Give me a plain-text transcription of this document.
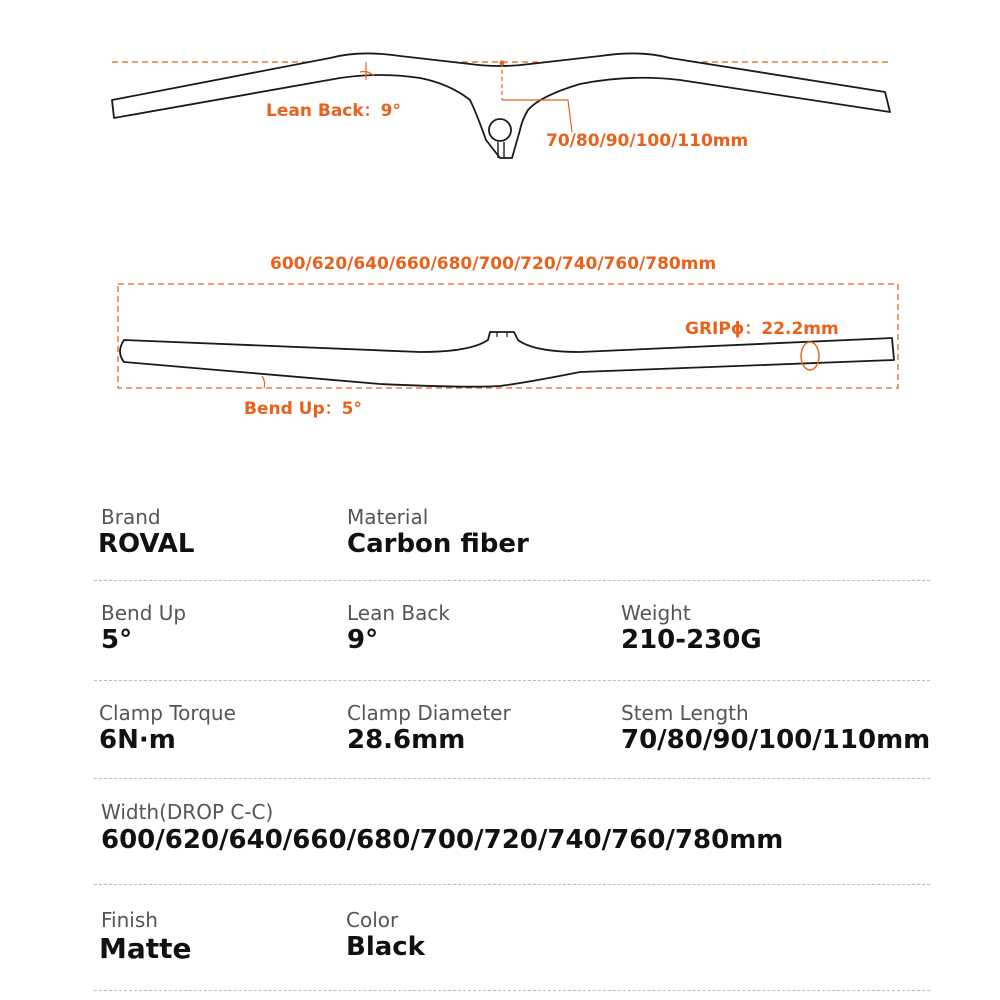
Lean Back：9°
70/80/90/100/110mm
600/620/640/660/680/700/720/740/760/780mm
GRIPϕ：22.2mm
Bend Up：5°
Brand
ROVAL
Material
Carbon fiber
Bend Up
5°
Lean Back
9°
Weight
210-230G
Clamp Torque
6N·m
Clamp Diameter
28.6mm
Stem Length
70/80/90/100/110mm
Width(DROP C-C)
600/620/640/660/680/700/720/740/760/780mm
Finish
Matte
Color
Black
